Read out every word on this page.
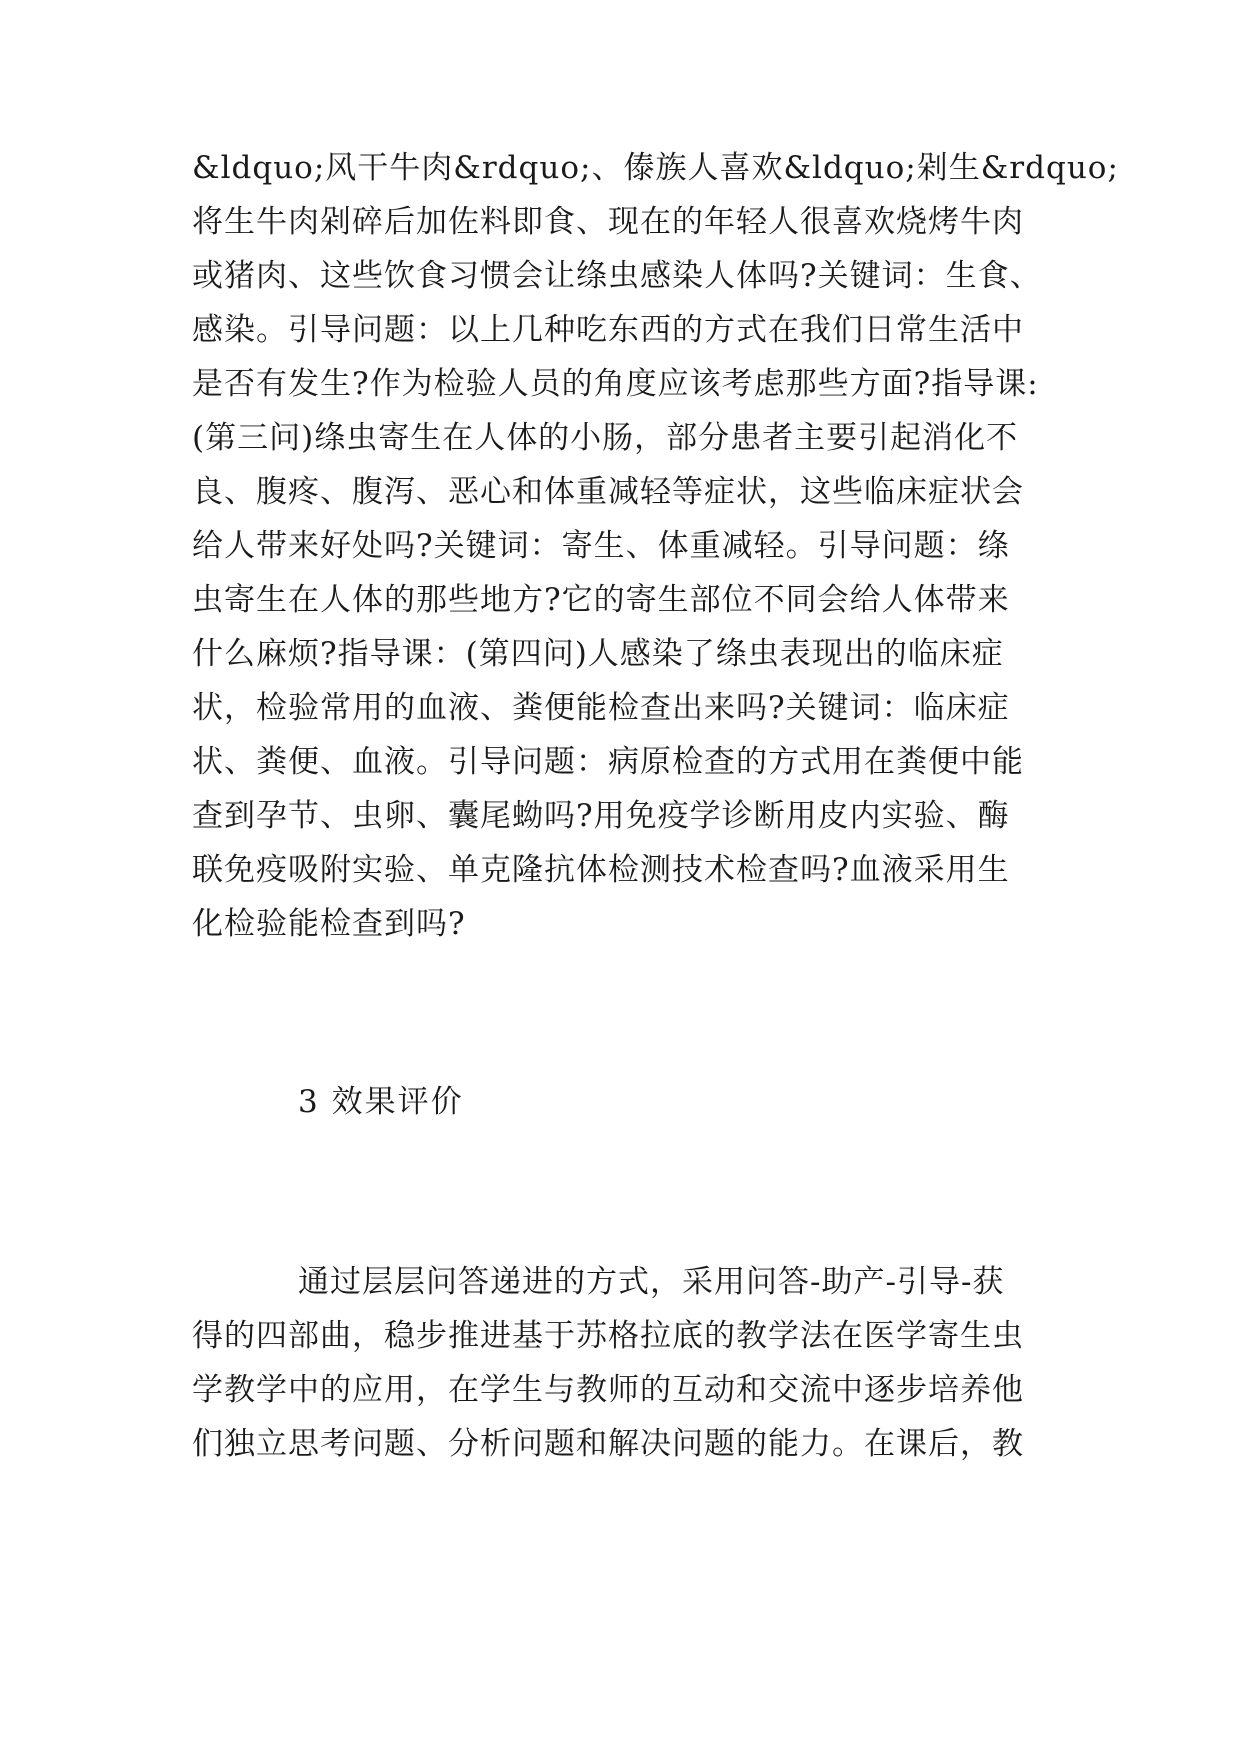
&ldquo;风干牛肉&rdquo;、傣族人喜欢&ldquo;剁生&rdquo;
将生牛肉剁碎后加佐料即食、现在的年轻人很喜欢烧烤牛肉
或猪肉、这些饮食习惯会让绦虫感染人体吗?关键词：生食、
感染。引导问题：以上几种吃东西的方式在我们日常生活中
是否有发生?作为检验人员的角度应该考虑那些方面?指导课:
(第三问)绦虫寄生在人体的小肠，部分患者主要引起消化不
良、腹疼、腹泻、恶心和体重减轻等症状，这些临床症状会
给人带来好处吗?关键词：寄生、体重减轻。引导问题：绦
虫寄生在人体的那些地方?它的寄生部位不同会给人体带来
什么麻烦?指导课：(第四问)人感染了绦虫表现出的临床症
状，检验常用的血液、粪便能检查出来吗?关键词：临床症
状、粪便、血液。引导问题：病原检查的方式用在粪便中能
查到孕节、虫卵、囊尾蚴吗?用免疫学诊断用皮内实验、酶
联免疫吸附实验、单克隆抗体检测技术检查吗?血液采用生
化检验能检查到吗?
3 效果评价
通过层层问答递进的方式，采用问答-助产-引导-获
得的四部曲，稳步推进基于苏格拉底的教学法在医学寄生虫
学教学中的应用，在学生与教师的互动和交流中逐步培养他
们独立思考问题、分析问题和解决问题的能力。在课后，教
